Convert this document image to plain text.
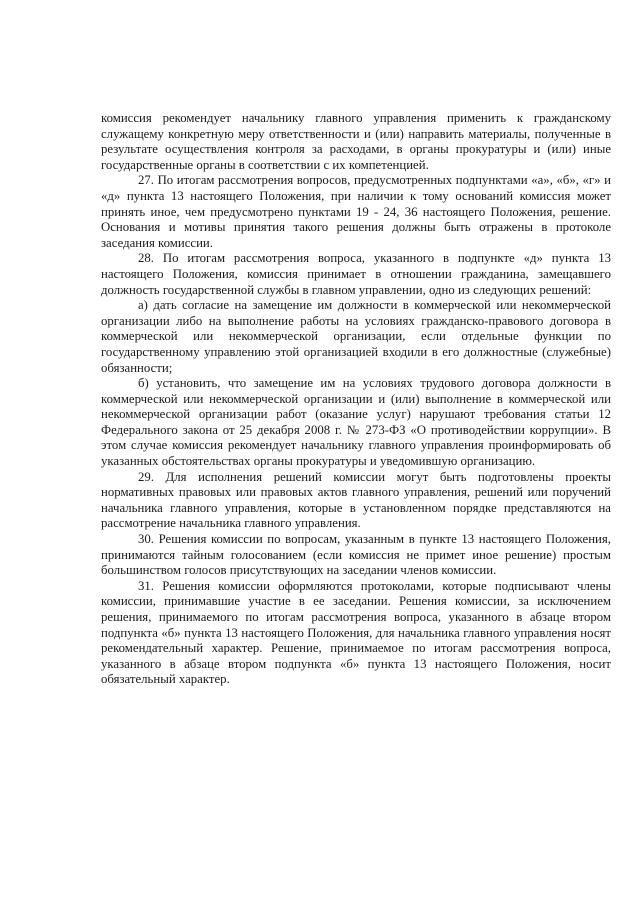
комиссия рекомендует начальнику главного управления применить к гражданскому служащему конкретную меру ответственности и (или) направить материалы, полученные в результате осуществления контроля за расходами, в органы прокуратуры и (или) иные государственные органы в соответствии с их компетенцией.

27. По итогам рассмотрения вопросов, предусмотренных подпунктами «а», «б», «г» и «д» пункта 13 настоящего Положения, при наличии к тому оснований комиссия может принять иное, чем предусмотрено пунктами 19 - 24, 36 настоящего Положения, решение. Основания и мотивы принятия такого решения должны быть отражены в протоколе заседания комиссии.

28. По итогам рассмотрения вопроса, указанного в подпункте «д» пункта 13 настоящего Положения, комиссия принимает в отношении гражданина, замещавшего должность государственной службы в главном управлении, одно из следующих решений:

а) дать согласие на замещение им должности в коммерческой или некоммерческой организации либо на выполнение работы на условиях гражданско-правового договора в коммерческой или некоммерческой организации, если отдельные функции по государственному управлению этой организацией входили в его должностные (служебные) обязанности;

б) установить, что замещение им на условиях трудового договора должности в коммерческой или некоммерческой организации и (или) выполнение в коммерческой или некоммерческой организации работ (оказание услуг) нарушают требования статьи 12 Федерального закона от 25 декабря 2008 г. № 273-ФЗ «О противодействии коррупции». В этом случае комиссия рекомендует начальнику главного управления проинформировать об указанных обстоятельствах органы прокуратуры и уведомившую организацию.

29. Для исполнения решений комиссии могут быть подготовлены проекты нормативных правовых или правовых актов главного управления, решений или поручений начальника главного управления, которые в установленном порядке представляются на рассмотрение начальника главного управления.

30. Решения комиссии по вопросам, указанным в пункте 13 настоящего Положения, принимаются тайным голосованием (если комиссия не примет иное решение) простым большинством голосов присутствующих на заседании членов комиссии.

31. Решения комиссии оформляются протоколами, которые подписывают члены комиссии, принимавшие участие в ее заседании. Решения комиссии, за исключением решения, принимаемого по итогам рассмотрения вопроса, указанного в абзаце втором подпункта «б» пункта 13 настоящего Положения, для начальника главного управления носят рекомендательный характер. Решение, принимаемое по итогам рассмотрения вопроса, указанного в абзаце втором подпункта «б» пункта 13 настоящего Положения, носит обязательный характер.
